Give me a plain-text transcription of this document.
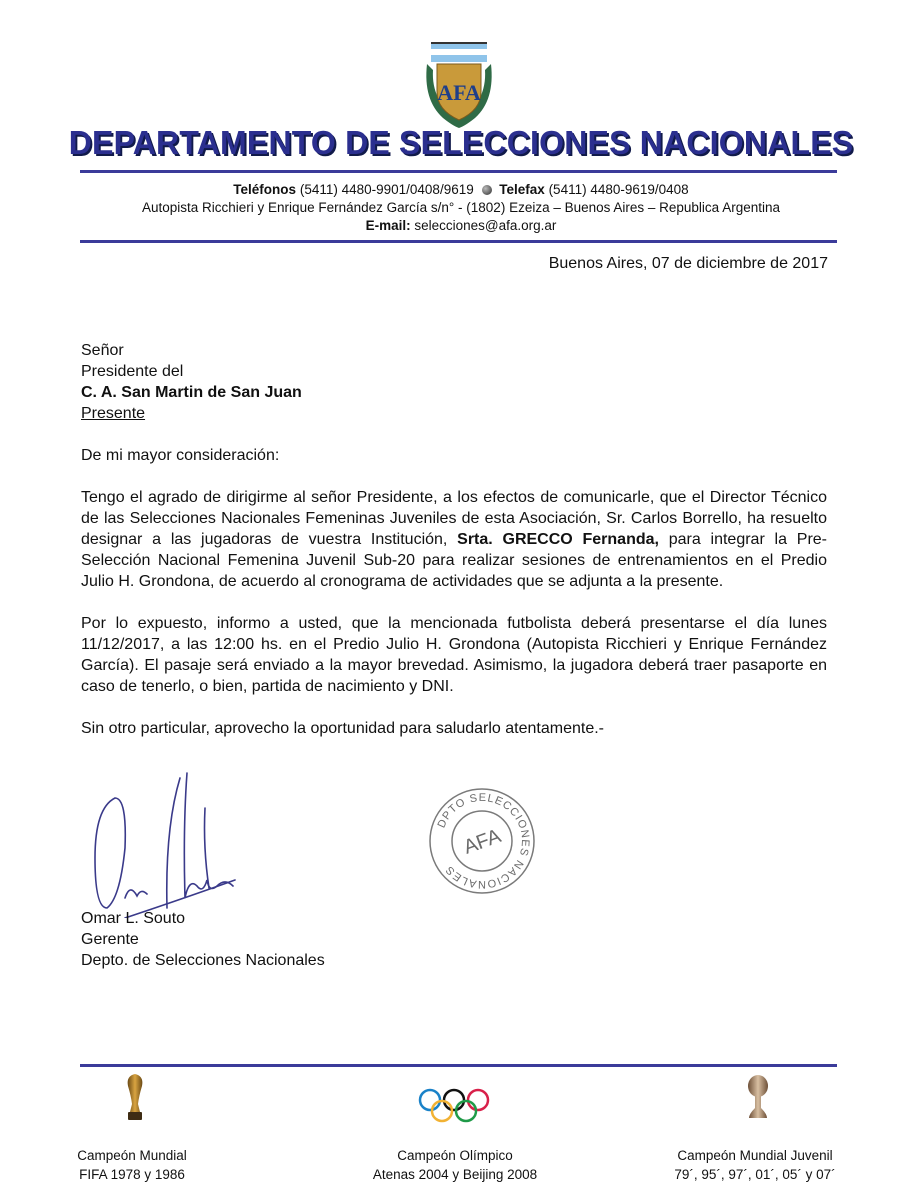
AFA
DEPARTAMENTO DE SELECCIONES NACIONALES
Teléfonos (5411) 4480-9901/0408/9619 Telefax (5411) 4480-9619/0408
Autopista Ricchieri y Enrique Fernández García s/n° - (1802) Ezeiza – Buenos Aires – Republica Argentina
E-mail: selecciones@afa.org.ar
Buenos Aires, 07 de diciembre de 2017
Señor
Presidente del
C. A. San Martin de San Juan
Presente
De mi mayor consideración:
Tengo el agrado de dirigirme al señor Presidente, a los efectos de comunicarle, que el Director Técnico de las Selecciones Nacionales Femeninas Juveniles de esta Asociación, Sr. Carlos Borrello, ha resuelto designar a las jugadoras de vuestra Institución, Srta. GRECCO Fernanda, para integrar la Pre-Selección Nacional Femenina Juvenil Sub-20 para realizar sesiones de entrenamientos en el Predio Julio H. Grondona, de acuerdo al cronograma de actividades que se adjunta a la presente.
Por lo expuesto, informo a usted, que la mencionada futbolista deberá presentarse el día lunes 11/12/2017, a las 12:00 hs. en el Predio Julio H. Grondona (Autopista Ricchieri y Enrique Fernández García). El pasaje será enviado a la mayor brevedad. Asimismo, la jugadora deberá traer pasaporte en caso de tenerlo, o bien, partida de nacimiento y DNI.
Sin otro particular, aprovecho la oportunidad para saludarlo atentamente.-
Omar L. Souto
Gerente
Depto. de Selecciones Nacionales
DPTO SELECCIONES NACIONALES
AFA
Campeón Mundial
FIFA 1978 y 1986
Campeón Olímpico
Atenas 2004 y Beijing 2008
Campeón Mundial Juvenil
79´, 95´, 97´, 01´, 05´ y 07´
